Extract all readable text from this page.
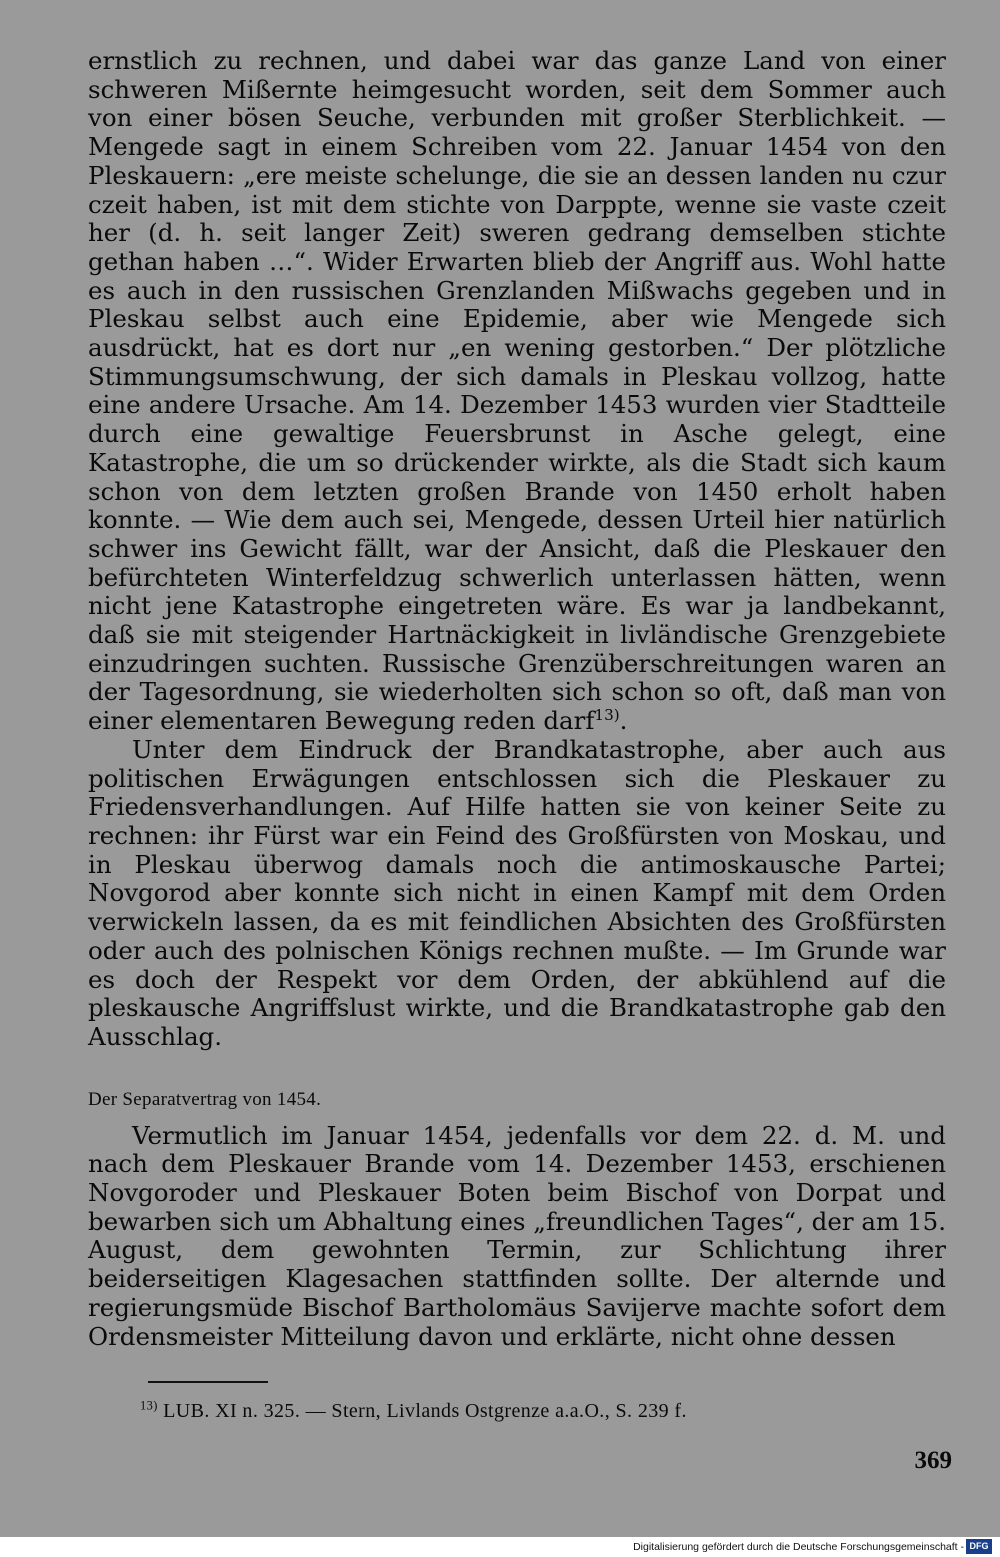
ernstlich zu rechnen, und dabei war das ganze Land von einer schweren Mißernte heimgesucht worden, seit dem Sommer auch von einer bösen Seuche, verbunden mit großer Sterblichkeit. — Mengede sagt in einem Schreiben vom 22. Januar 1454 von den Pleskauern: „ere meiste schelunge, die sie an dessen landen nu czur czeit haben, ist mit dem stichte von Darppte, wenne sie vaste czeit her (d. h. seit langer Zeit) sweren gedrang demselben stichte gethan haben …“. Wider Erwarten blieb der Angriff aus. Wohl hatte es auch in den russischen Grenzlanden Mißwachs gegeben und in Pleskau selbst auch eine Epidemie, aber wie Mengede sich ausdrückt, hat es dort nur „en wening gestorben.“ Der plötzliche Stimmungsumschwung, der sich damals in Pleskau vollzog, hatte eine andere Ursache. Am 14. Dezember 1453 wurden vier Stadtteile durch eine gewaltige Feuersbrunst in Asche gelegt, eine Katastrophe, die um so drückender wirkte, als die Stadt sich kaum schon von dem letzten großen Brande von 1450 erholt haben konnte. — Wie dem auch sei, Mengede, dessen Urteil hier natürlich schwer ins Gewicht fällt, war der Ansicht, daß die Pleskauer den befürchteten Winterfeldzug schwerlich unterlassen hätten, wenn nicht jene Katastrophe eingetreten wäre. Es war ja landbekannt, daß sie mit steigender Hartnäckigkeit in livländische Grenzgebiete einzudringen suchten. Russische Grenzüberschreitungen waren an der Tagesordnung, sie wiederholten sich schon so oft, daß man von einer elementaren Bewegung reden darf$^{13)}$.

Unter dem Eindruck der Brandkatastrophe, aber auch aus politischen Erwägungen entschlossen sich die Pleskauer zu Friedensverhandlungen. Auf Hilfe hatten sie von keiner Seite zu rechnen: ihr Fürst war ein Feind des Großfürsten von Moskau, und in Pleskau überwog damals noch die antimoskausche Partei; Novgorod aber konnte sich nicht in einen Kampf mit dem Orden verwickeln lassen, da es mit feindlichen Absichten des Großfürsten oder auch des polnischen Königs rechnen mußte. — Im Grunde war es doch der Respekt vor dem Orden, der abkühlend auf die pleskausche Angriffslust wirkte, und die Brandkatastrophe gab den Ausschlag.

Der Separatvertrag von 1454.

Vermutlich im Januar 1454, jedenfalls vor dem 22. d. M. und nach dem Pleskauer Brande vom 14. Dezember 1453, erschienen Novgoroder und Pleskauer Boten beim Bischof von Dorpat und bewarben sich um Abhaltung eines „freundlichen Tages“, der am 15. August, dem gewohnten Termin, zur Schlichtung ihrer beiderseitigen Klagesachen stattfinden sollte. Der alternde und regierungsmüde Bischof Bartholomäus Savijerve machte sofort dem Ordensmeister Mitteilung davon und erklärte, nicht ohne dessen

$^{13)}$ LUB. XI n. 325. — Stern, Livlands Ostgrenze a.a.O., S. 239 f.
369
Digitalisierung gefördert durch die Deutsche Forschungsgemeinschaft - DFG
